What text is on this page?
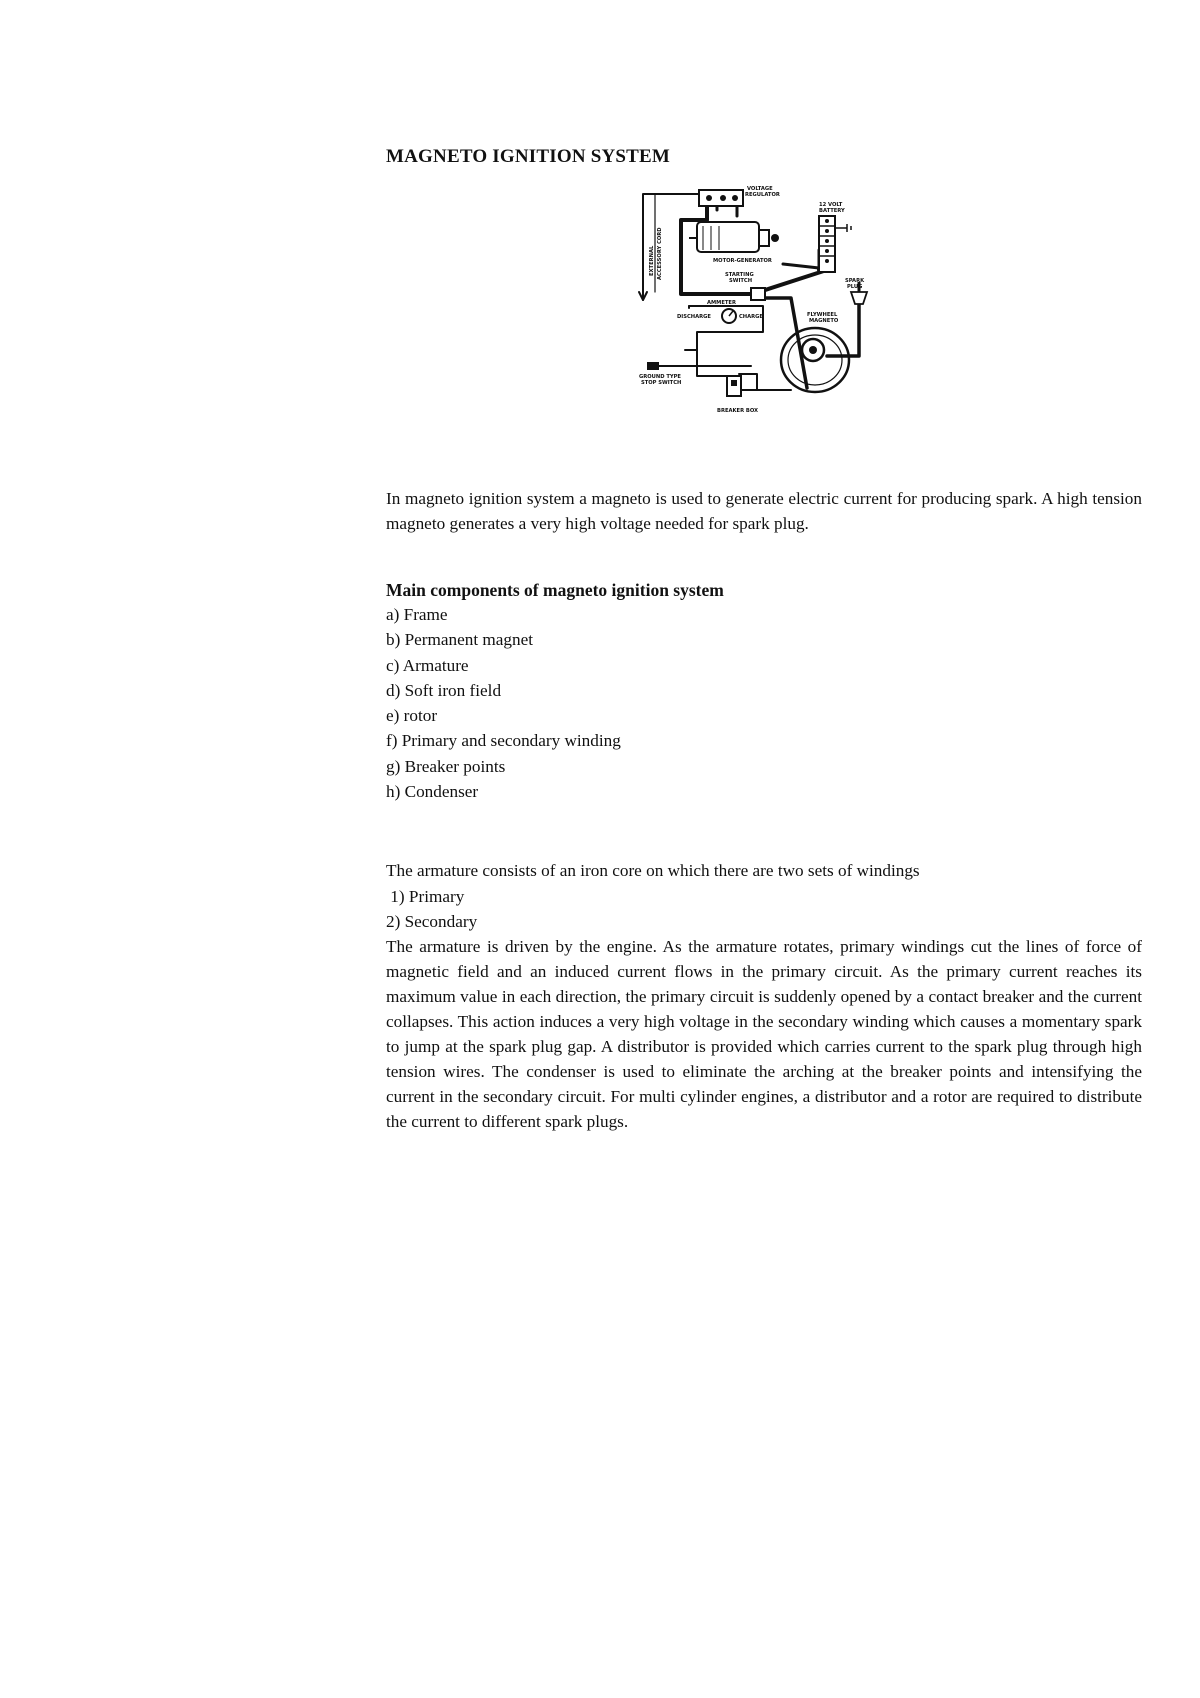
MAGNETO IGNITION SYSTEM
VOLTAGE
REGULATOR
12 VOLT
BATTERY
EXTERNAL ACCESSORY CORD	MOTOR-GENERATOR
STARTING
SWITCH	SPARK
PLUG
AMMETER
DISCHARGE	CHARGE	FLYWHEEL
MAGNETO
GROUND TYPE
STOP SWITCH
BREAKER BOX

In magneto ignition system a magneto is used to generate electric current for producing spark. A high tension magneto generates a very high voltage needed for spark plug.

Main components of magneto ignition system
a) Frame
b) Permanent magnet
c) Armature
d) Soft iron field
e) rotor
f) Primary and secondary winding
g) Breaker points
h) Condenser
The armature consists of an iron core on which there are two sets of windings
1) Primary
2) Secondary

The armature is driven by the engine. As the armature rotates, primary windings cut the lines of force of magnetic field and an induced current flows in the primary circuit. As the primary current reaches its maximum value in each direction, the primary circuit is suddenly opened by a contact breaker and the current collapses. This action induces a very high voltage in the secondary winding which causes a momentary spark to jump at the spark plug gap. A distributor is provided which carries current to the spark plug through high tension wires. The condenser is used to eliminate the arching at the breaker points and intensifying the current in the secondary circuit. For multi cylinder engines, a distributor and a rotor are required to distribute the current to different spark plugs.
